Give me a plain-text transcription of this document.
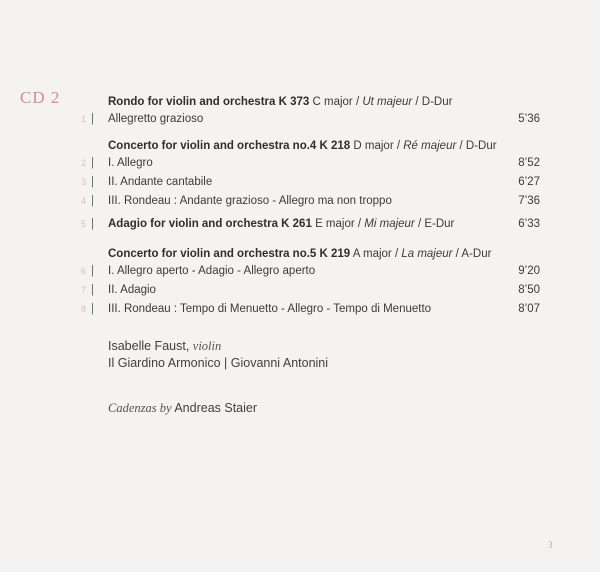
CD 2	Rondo for violin and orchestra K 373 C major / Ut majeur / D-Dur
1 | Allegretto grazioso	5’36
Concerto for violin and orchestra no.4 K 218 D major / Ré majeur / D-Dur
2 | I. Allegro	8’52
3 | II. Andante cantabile	6’27
4 | III. Rondeau : Andante grazioso - Allegro ma non troppo	7’36
5 | Adagio for violin and orchestra K 261 E major / Mi majeur / E-Dur	6’33
Concerto for violin and orchestra no.5 K 219 A major / La majeur / A-Dur
6 | I. Allegro aperto - Adagio - Allegro aperto	9’20
7 | II. Adagio	8’50
8 | III. Rondeau : Tempo di Menuetto - Allegro - Tempo di Menuetto	8’07
Isabelle Faust, violin
Il Giardino Armonico | Giovanni Antonini
Cadenzas by Andreas Staier
3
